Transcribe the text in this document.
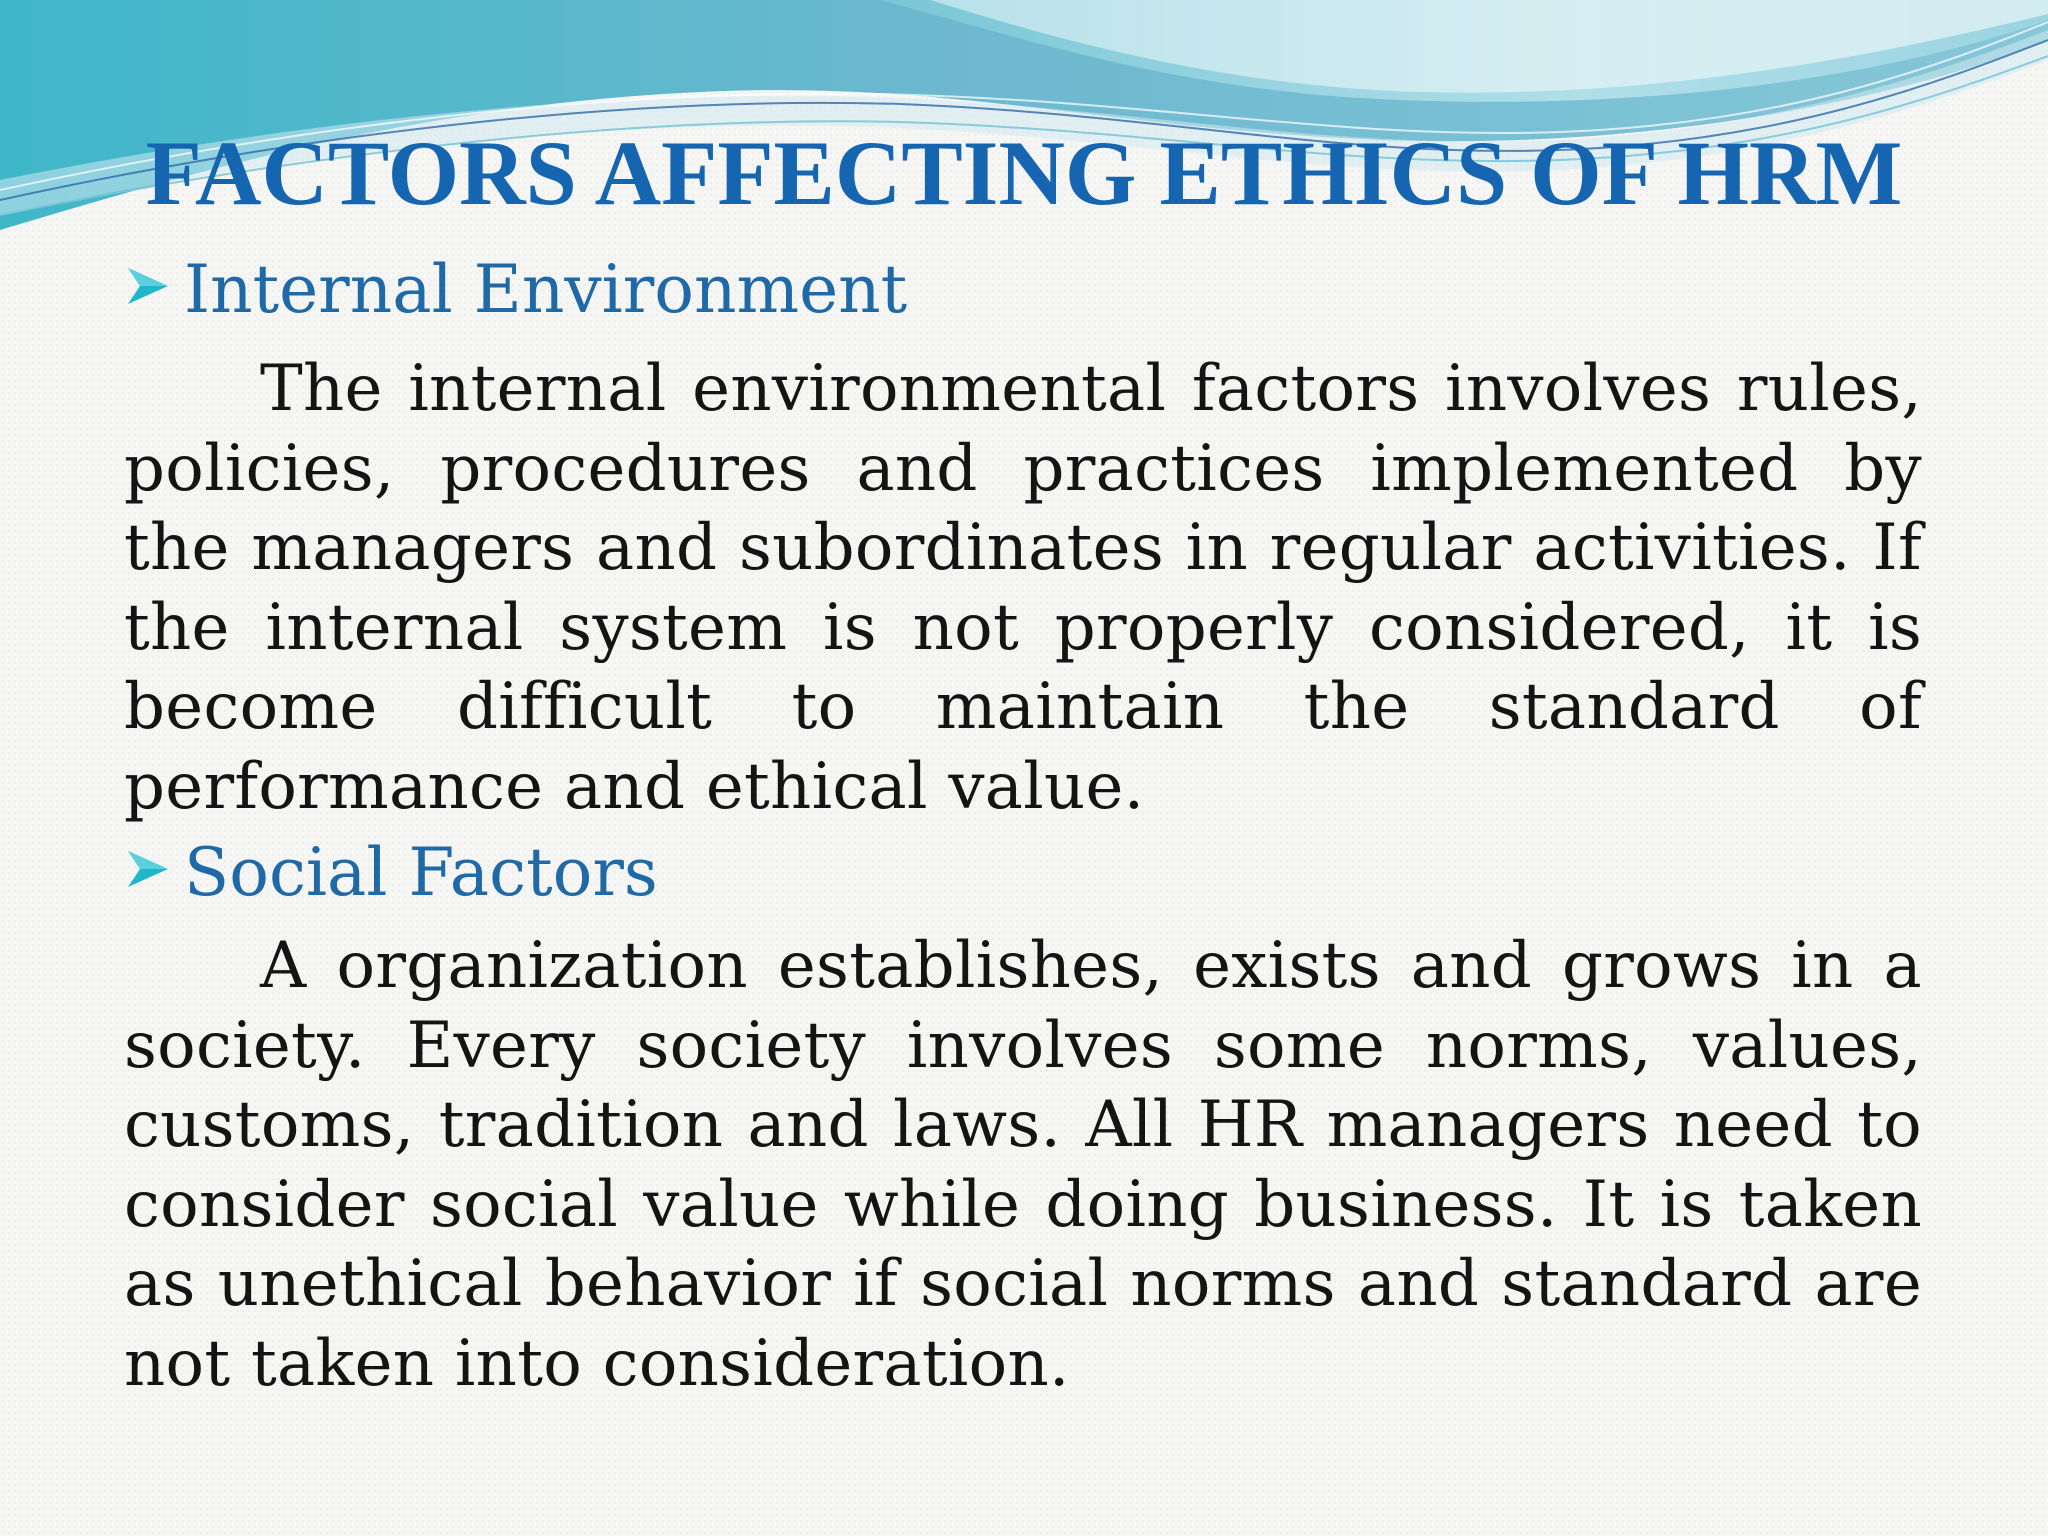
FACTORS AFFECTING ETHICS OF HRM
Internal Environment

The internal environmental factors involves rules, policies, procedures and practices implemented by the managers and subordinates in regular activities. If the internal system is not properly considered, it is become difficult to maintain the standard of performance and ethical value.

Social Factors

A organization establishes, exists and grows in a society. Every society involves some norms, values, customs, tradition and laws. All HR managers need to consider social value while doing business. It is taken as unethical behavior if social norms and standard are not taken into consideration.
